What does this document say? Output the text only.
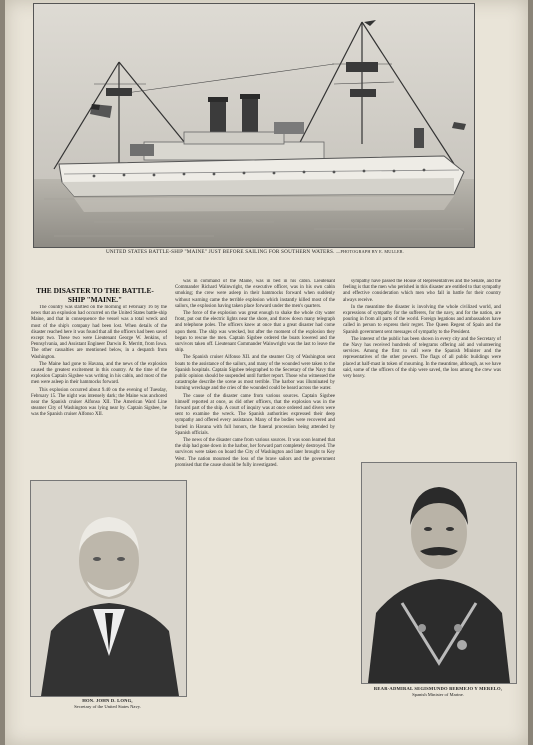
UNITED STATES BATTLE-SHIP "MAINE" JUST BEFORE SAILING FOR SOUTHERN WATERS. —PHOTOGRAPH BY E. MULLER.
THE DISASTER TO THE BATTLE-SHIP "MAINE."

The country was startled on the morning of February 16 by the news that an explosion had occurred on the United States battle-ship Maine, and that in consequence the vessel was a total wreck and most of the ship's company had been lost. When details of the disaster reached here it was found that all the officers had been saved except two. These two were Lieutenant George W. Jenkins, of Pennsylvania, and Assistant Engineer Darwin R. Merritt, from Iowa. The other casualties are mentioned below, in a despatch from Washington.

The Maine had gone to Havana, and the news of the explosion caused the greatest excitement in this country. At the time of the explosion Captain Sigsbee was writing in his cabin, and most of the men were asleep in their hammocks forward.

This explosion occurred about 9.40 on the evening of Tuesday, February 15. The night was intensely dark; the Maine was anchored near the Spanish cruiser Alfonso XII. The American Ward Line steamer City of Washington was lying near by. Captain Sigsbee, he was the Spanish cruiser Alfonso XII.

was in command of the Maine, was in bed in his cabin. Lieutenant Commander Richard Wainwright, the executive officer, was in his own cabin smoking; the crew were asleep in their hammocks forward when suddenly without warning came the terrible explosion which instantly killed most of the sailors, the explosion having taken place forward under the men's quarters.

The force of the explosion was great enough to shake the whole city water front, put out the electric lights near the shore, and throw down many telegraph and telephone poles. The officers knew at once that a great disaster had come upon them. The ship was wrecked, but after the moment of the explosion they began to rescue the men. Captain Sigsbee ordered the boats lowered and the survivors taken off. Lieutenant Commander Wainwright was the last to leave the ship.

The Spanish cruiser Alfonso XII. and the steamer City of Washington sent boats to the assistance of the sailors, and many of the wounded were taken to the Spanish hospitals. Captain Sigsbee telegraphed to the Secretary of the Navy that public opinion should be suspended until further report. Those who witnessed the catastrophe describe the scene as most terrible. The harbor was illuminated by burning wreckage and the cries of the wounded could be heard across the water.

The cause of the disaster came from various sources. Captain Sigsbee himself reported at once, as did other officers, that the explosion was in the forward part of the ship. A court of inquiry was at once ordered and divers were sent to examine the wreck. The Spanish authorities expressed their deep sympathy and offered every assistance. Many of the bodies were recovered and buried in Havana with full honors, the funeral procession being attended by Spanish officials.

The news of the disaster came from various sources. It was soon learned that the ship had gone down in the harbor, her forward part completely destroyed. The survivors were taken on board the City of Washington and later brought to Key West. The nation mourned the loss of the brave sailors and the government promised that the cause should be fully investigated.

sympathy have passed the House of Representatives and the Senate, and the feeling is that the men who perished in this disaster are entitled to that sympathy and effective consideration which men who fall in battle for their country always receive.

In the meantime the disaster is involving the whole civilized world, and expressions of sympathy for the sufferers, for the navy, and for the nation, are pouring in from all parts of the world. Foreign legations and ambassadors have called in person to express their regret. The Queen Regent of Spain and the Spanish government sent messages of sympathy to the President.

The interest of the public has been shown in every city and the Secretary of the Navy has received hundreds of telegrams offering aid and volunteering services. Among the first to call were the Spanish Minister and the representatives of the other powers. The flags of all public buildings were placed at half-mast in token of mourning. In the meantime, although, as we have said, some of the officers of the ship were saved, the loss among the crew was very heavy.

HON. JOHN D. LONG,
Secretary of the United States Navy.
REAR-ADMIRAL SEGISMUNDO BERMEJO Y MERELO,
Spanish Minister of Marine.
